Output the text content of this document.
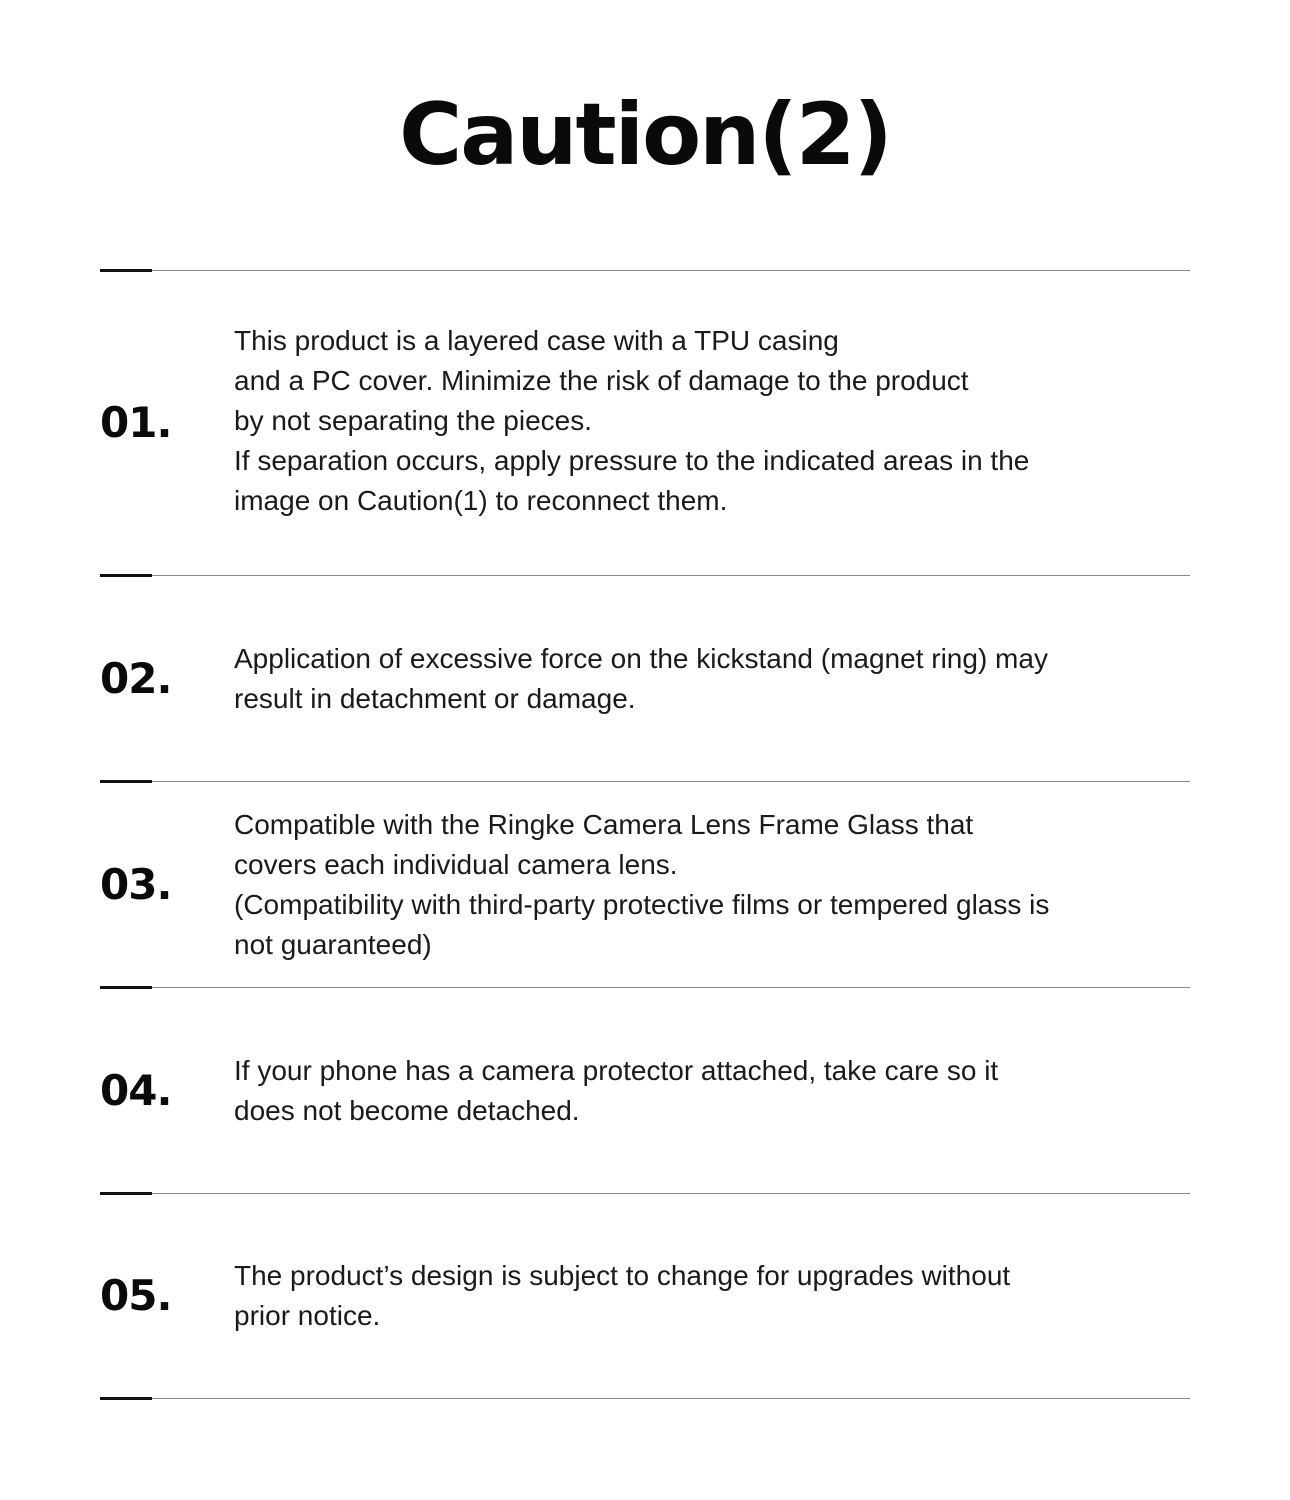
Caution(2)
01.
This product is a layered case with a TPU casing
and a PC cover. Minimize the risk of damage to the product
by not separating the pieces.
If separation occurs, apply pressure to the indicated areas in the
image on Caution(1) to reconnect them.
02. Application of excessive force on the kickstand (magnet ring) may
result in detachment or damage.
03.
Compatible with the Ringke Camera Lens Frame Glass that
covers each individual camera lens.
(Compatibility with third-party protective films or tempered glass is
not guaranteed)
04. If your phone has a camera protector attached, take care so it
does not become detached.
05. The product’s design is subject to change for upgrades without
prior notice.
